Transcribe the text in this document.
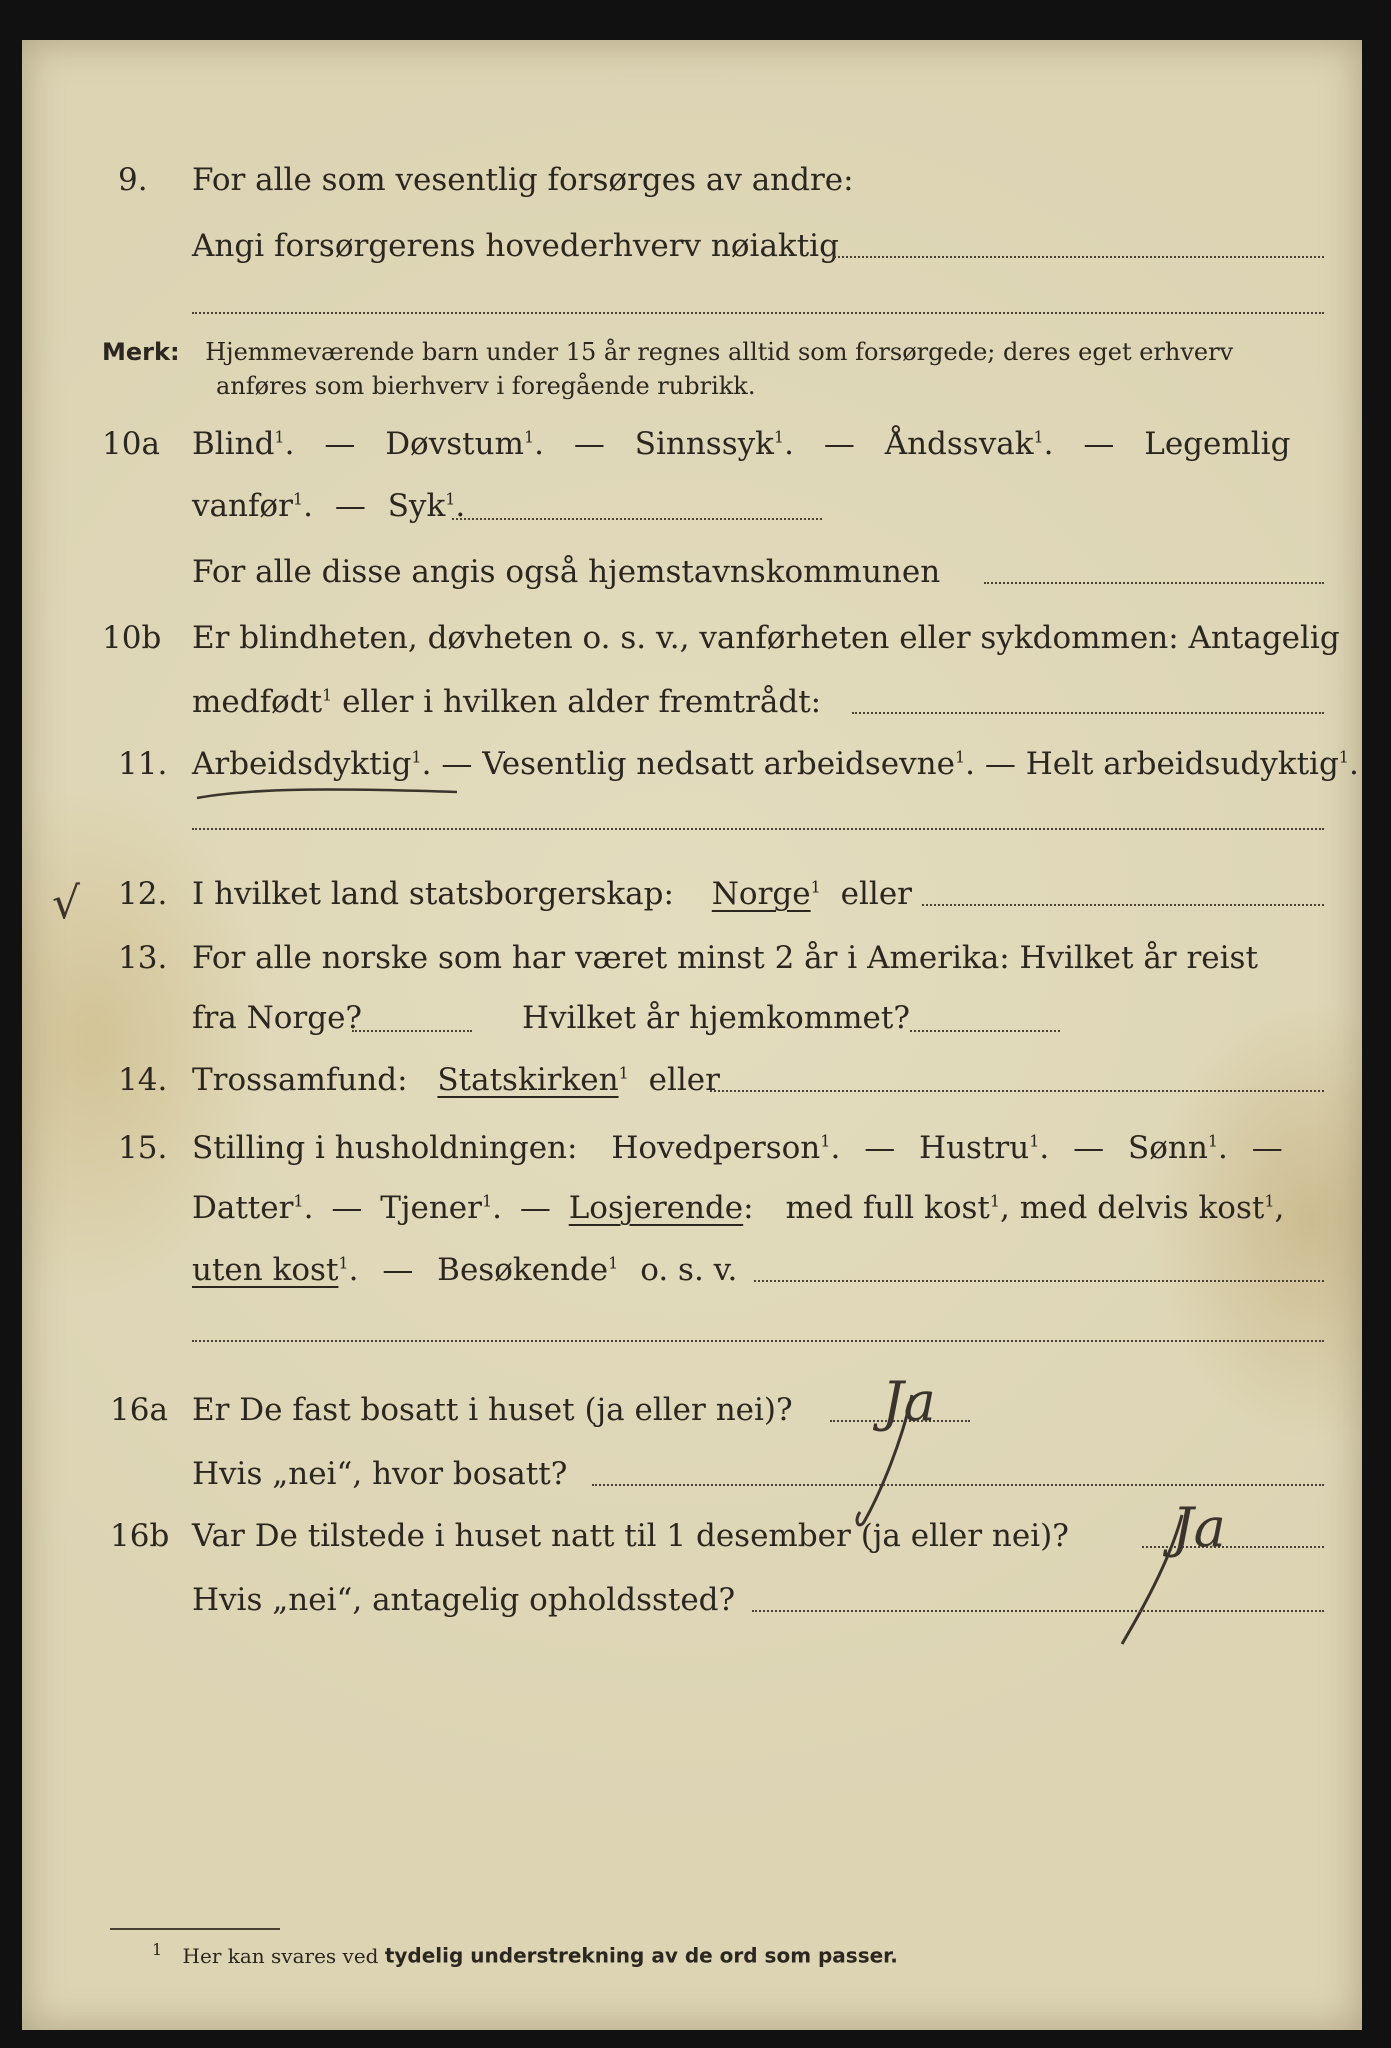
9. For alle som vesentlig forsørges av andre:
Angi forsørgerens hovederhverv nøiaktig
Merk: Hjemmeværende barn under 15 år regnes alltid som forsørgede; deres eget erhverv
anføres som bierhverv i foregående rubrikk.
10a Blind$^1$. — Døvstum$^1$. — Sinnssyk$^1$. — Åndssvak$^1$. — Legemlig
vanfør$^1$. — Syk$^1$.
For alle disse angis også hjemstavnskommunen
10b Er blindheten, døvheten o. s. v., vanførheten eller sykdommen: Antagelig
medfødt$^1$ eller i hvilken alder fremtrådt:
11. Arbeidsdyktig$^1$. — Vesentlig nedsatt arbeidsevne$^1$. — Helt arbeidsudyktig$^1$.
√ 12. I hvilket land statsborgerskap: Norge$^1$ eller
13. For alle norske som har været minst 2 år i Amerika: Hvilket år reist
fra Norge?	Hvilket år hjemkommet?
14. Trossamfund: Statskirken$^1$ eller
15. Stilling i husholdningen: Hovedperson$^1$. — Hustru$^1$. — Sønn$^1$. —
Datter$^1$. — Tjener$^1$. — Losjerende: med full kost$^1$, med delvis kost$^1$,
uten kost$^1$. — Besøkende$^1$ o. s. v.
16a Er De fast bosatt i huset (ja eller nei)? Ja
Hvis „nei“, hvor bosatt?
16b Var De tilstede i huset natt til 1 desember (ja eller nei)? Ja
Hvis „nei“, antagelig opholdssted?
$^1$ Her kan svares ved tydelig understrekning av de ord som passer.
